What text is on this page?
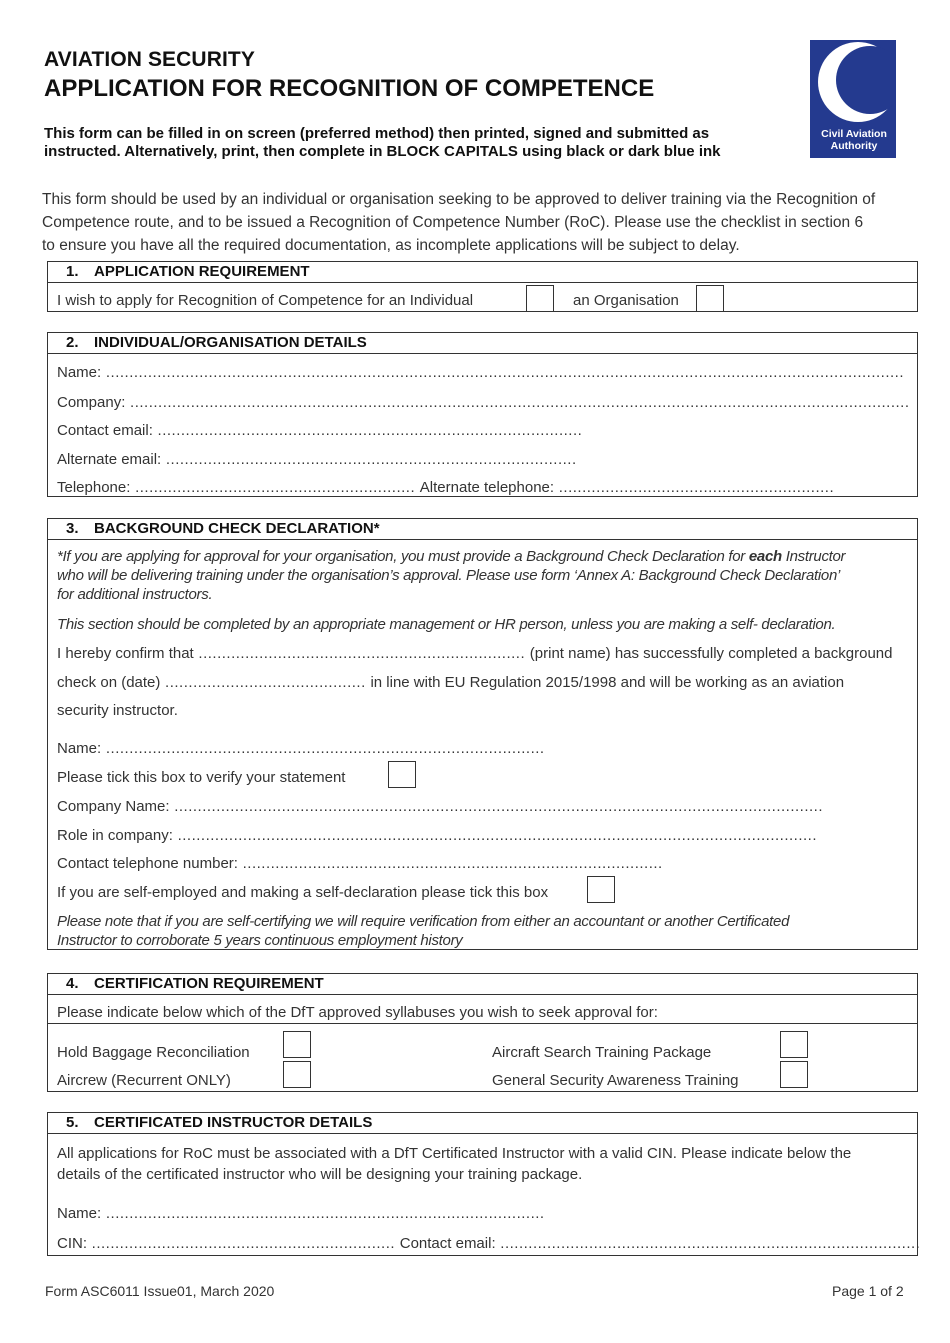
AVIATION SECURITY
APPLICATION FOR RECOGNITION OF COMPETENCE
This form can be filled in on screen (preferred method) then printed, signed and submitted as
instructed. Alternatively, print, then complete in BLOCK CAPITALS using black or dark blue ink
Civil Aviation
Authority
This form should be used by an individual or organisation seeking to be approved to deliver training via the Recognition of
Competence route, and to be issued a Recognition of Competence Number (RoC). Please use the checklist in section 6
to ensure you have all the required documentation, as incomplete applications will be subject to delay.
1. APPLICATION REQUIREMENT
I wish to apply for Recognition of Competence for an Individual	an Organisation
2. INDIVIDUAL/ORGANISATION DETAILS
Name: ...........................................................................................................................................................................
Company: .......................................................................................................................................................................
Contact email: ...........................................................................................
Alternate email: ........................................................................................
Telephone: ............................................................ Alternate telephone: ...........................................................
3. BACKGROUND CHECK DECLARATION*
*If you are applying for approval for your organisation, you must provide a Background Check Declaration for each Instructor
who will be delivering training under the organisation’s approval. Please use form ‘Annex A: Background Check Declaration’
for additional instructors.
This section should be completed by an appropriate management or HR person, unless you are making a self- declaration.
I hereby confirm that ...................................................................... (print name) has successfully completed a background
check on (date) ........................................... in line with EU Regulation 2015/1998 and will be working as an aviation
security instructor.
Name: ..............................................................................................
Please tick this box to verify your statement
Company Name: ...........................................................................................................................................
Role in company: .........................................................................................................................................
Contact telephone number: ..........................................................................................
If you are self-employed and making a self-declaration please tick this box
Please note that if you are self-certifying we will require verification from either an accountant or another Certificated
Instructor to corroborate 5 years continuous employment history
4. CERTIFICATION REQUIREMENT
Please indicate below which of the DfT approved syllabuses you wish to seek approval for:
Hold Baggage Reconciliation
Aircrew (Recurrent ONLY)
Aircraft Search Training Package
General Security Awareness Training
5. CERTIFICATED INSTRUCTOR DETAILS
All applications for RoC must be associated with a DfT Certificated Instructor with a valid CIN. Please indicate below the
details of the certificated instructor who will be designing your training package.
Name: ..............................................................................................
CIN: ................................................................. Contact email: ..........................................................................................
Form ASC6011 Issue01, March 2020	Page 1 of 2
